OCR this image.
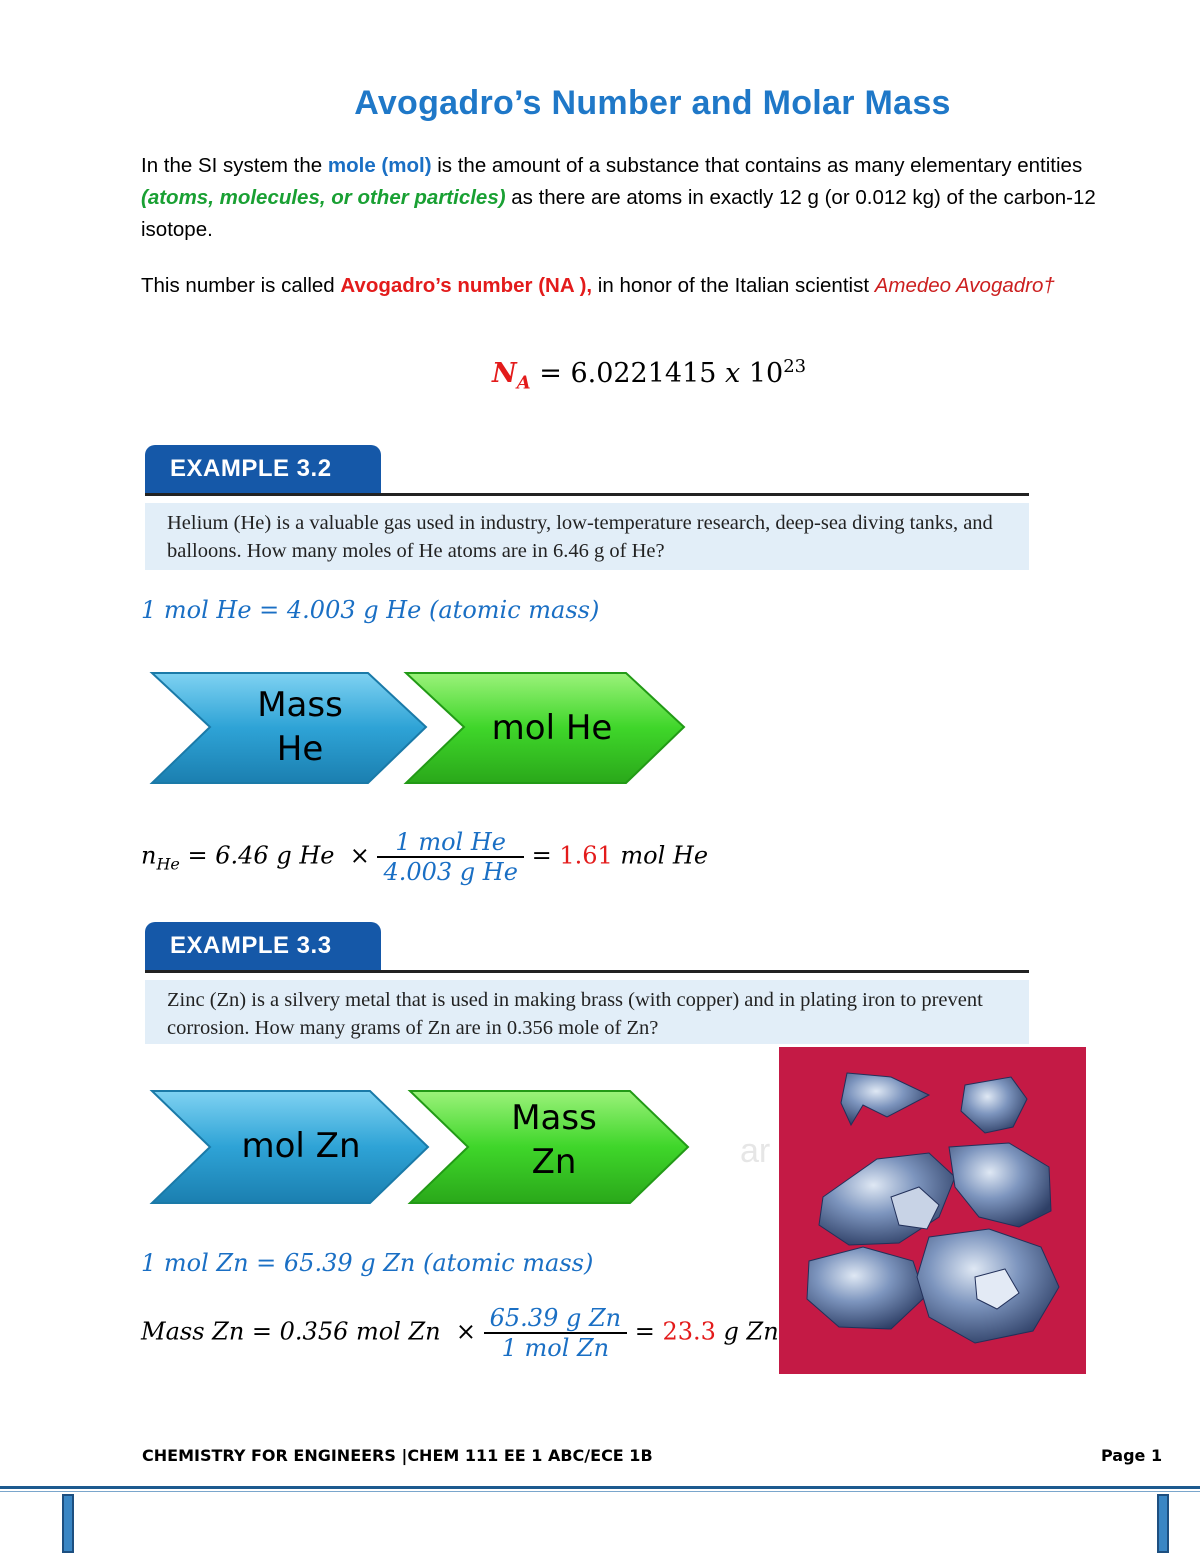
Avogadro’s Number and Molar Mass
In the SI system the mole (mol) is the amount of a substance that contains as many elementary entities (atoms, molecules, or other particles) as there are atoms in exactly 12 g (or 0.012 kg) of the carbon-12 isotope.
This number is called Avogadro’s number (NA ), in honor of the Italian scientist Amedeo Avogadro†
$N_A = 6.0221415$ x $10^{23}$
EXAMPLE 3.2
Helium (He) is a valuable gas used in industry, low-temperature research, deep-sea diving tanks, and balloons. How many moles of He atoms are in 6.46 g of He?
1 mol He = 4.003 g He (atomic mass)
Mass
He
mol He
$n_{He} = 6.46$ g $He \times \frac{\text{1 mol He}}{\text{4.003 g He}} = 1.61$ mol He
EXAMPLE 3.3
Zinc (Zn) is a silvery metal that is used in making brass (with copper) and in plating iron to prevent corrosion. How many grams of Zn are in 0.356 mole of Zn?
mol Zn
Mass
Zn	ar
1 mol Zn = 65.39 g Zn (atomic mass)
Mass Zn = 0.356 mol $Zn \times \frac{\text{65.39 g Zn}}{\text{1 mol Zn}} = 23.3$ g Zn
CHEMISTRY FOR ENGINEERS |CHEM 111 EE 1 ABC/ECE 1B	Page 1
